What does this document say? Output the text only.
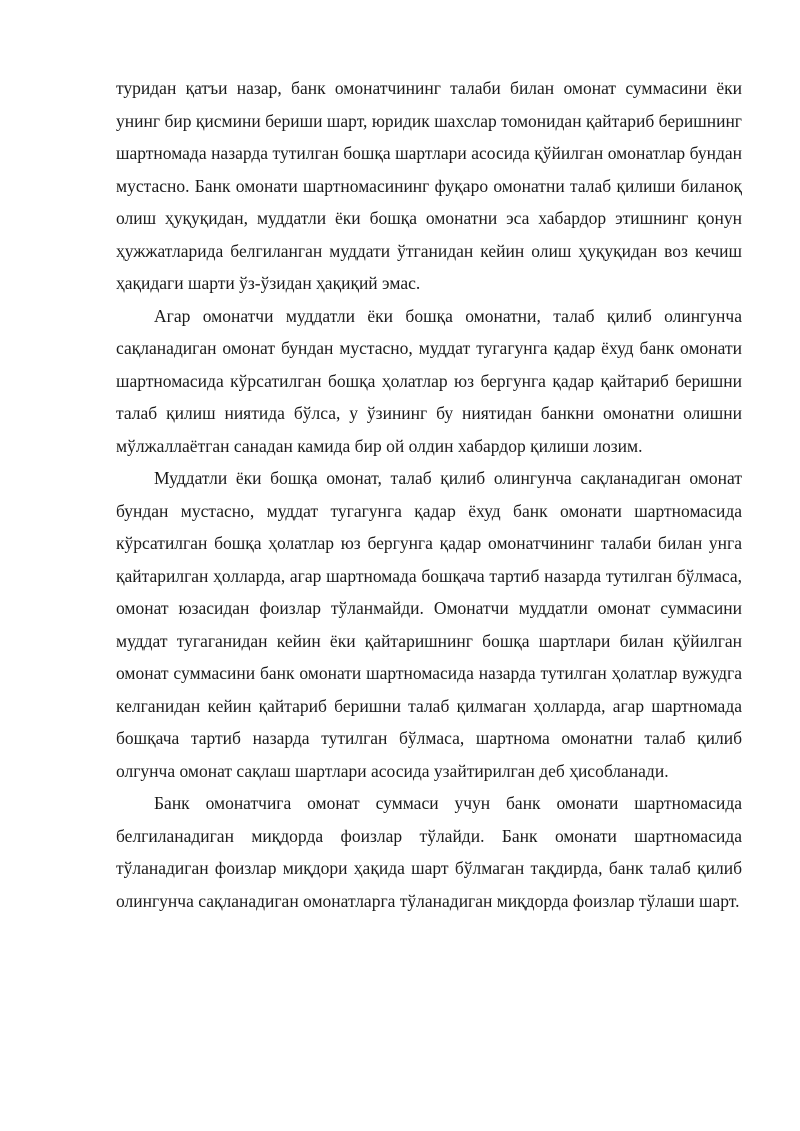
туридан қатъи назар, банк омонатчининг талаби билан омонат суммасини ёки унинг бир қисмини бериши шарт, юридик шахслар томонидан қайтариб беришнинг шартномада назарда тутилган бошқа шартлари асосида қўйилган омонатлар бундан мустасно. Банк омонати шартномасининг фуқаро омонатни талаб қилиши биланоқ олиш ҳуқуқидан, муддатли ёки бошқа омонатни эса хабардор этишнинг қонун ҳужжатларида белгиланган муддати ўтганидан кейин олиш ҳуқуқидан воз кечиш ҳақидаги шарти ўз-ўзидан ҳақиқий эмас.

Агар омонатчи муддатли ёки бошқа омонатни, талаб қилиб олингунча сақланадиган омонат бундан мустасно, муддат тугагунга қадар ёхуд банк омонати шартномасида кўрсатилган бошқа ҳолатлар юз бергунга қадар қайтариб беришни талаб қилиш ниятида бўлса, у ўзининг бу ниятидан банкни омонатни олишни мўлжаллаётган санадан камида бир ой олдин хабардор қилиши лозим.

Муддатли ёки бошқа омонат, талаб қилиб олингунча сақланадиган омонат бундан мустасно, муддат тугагунга қадар ёхуд банк омонати шартномасида кўрсатилган бошқа ҳолатлар юз бергунга қадар омонатчининг талаби билан унга қайтарилган ҳолларда, агар шартномада бошқача тартиб назарда тутилган бўлмаса, омонат юзасидан фоизлар тўланмайди. Омонатчи муддатли омонат суммасини муддат тугаганидан кейин ёки қайтаришнинг бошқа шартлари билан қўйилган омонат суммасини банк омонати шартномасида назарда тутилган ҳолатлар вужудга келганидан кейин қайтариб беришни талаб қилмаган ҳолларда, агар шартномада бошқача тартиб назарда тутилган бўлмаса, шартнома омонатни талаб қилиб олгунча омонат сақлаш шартлари асосида узайтирилган деб ҳисобланади.

Банк омонатчига омонат суммаси учун банк омонати шартномасида белгиланадиган миқдорда фоизлар тўлайди. Банк омонати шартномасида тўланадиган фоизлар миқдори ҳақида шарт бўлмаган тақдирда, банк талаб қилиб олингунча сақланадиган омонатларга тўланадиган миқдорда фоизлар тўлаши шарт.
